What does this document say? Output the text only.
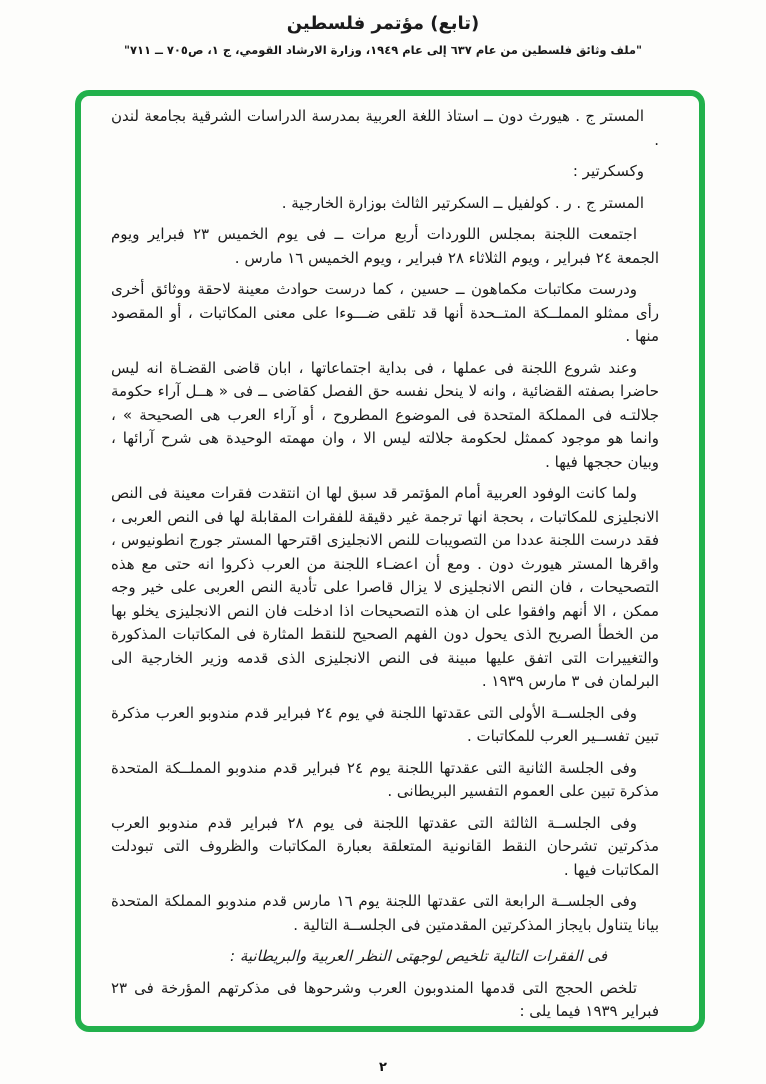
(تابع) مؤتمر فلسطين
"ملف وثائق فلسطين من عام ٦٣٧ إلى عام ١٩٤٩، وزارة الارشاد القومي، ج ١، ص٧٠٥ ــ ٧١١"

المستر ج . هيورث دون ــ استاذ اللغة العربية بمدرسة الدراسات الشرقية بجامعة لندن .

وكسكرتير :

المستر ج . ر . كولفيل ــ السكرتير الثالث بوزارة الخارجية .

اجتمعت اللجنة بمجلس اللوردات أربع مرات ــ فى يوم الخميس ٢٣ فبراير ويوم الجمعة ٢٤ فبراير ، ويوم الثلاثاء ٢٨ فبراير ، ويوم الخميس ١٦ مارس .

ودرست مكاتبات مكماهون ــ حسين ، كما درست حوادث معينة لاحقة ووثائق أخرى رأى ممثلو المملــكة المتــحدة أنها قد تلقى ضـــوءا على معنى المكاتبات ، أو المقصود منها .

وعند شروع اللجنة فى عملها ، فى بداية اجتماعاتها ، ابان قاضى القضـاة انه ليس حاضرا بصفته القضائية ، وانه لا ينحل نفسه حق الفصل كقاضى ــ فى « هــل آراء حكومة جلالتـه فى المملكة المتحدة فى الموضوع المطروح ، أو آراء العرب هى الصحيحة » ، وانما هو موجود كممثل لحكومة جلالته ليس الا ، وان مهمته الوحيدة هى شرح آرائها ، وبيان حججها فيها .

ولما كانت الوفود العربية أمام المؤتمر قد سبق لها ان انتقدت فقرات معينة فى النص الانجليزى للمكاتبات ، بحجة انها ترجمة غير دقيقة للفقرات المقابلة لها فى النص العربى ، فقد درست اللجنة عددا من التصويبات للنص الانجليزى اقترحها المستر جورج انطونيوس ، واقرها المستر هيورث دون . ومع أن اعضـاء اللجنة من العرب ذكروا انه حتى مع هذه التصحيحات ، فان النص الانجليزى لا يزال قاصرا على تأدية النص العربى على خير وجه ممكن ، الا أنهم وافقوا على ان هذه التصحيحات اذا ادخلت فان النص الانجليزى يخلو بها من الخطأ الصريح الذى يحول دون الفهم الصحيح للنقط المثارة فى المكاتبات المذكورة والتغييرات التى اتفق عليها مبينة فى النص الانجليزى الذى قدمه وزير الخارجية الى البرلمان فى ٣ مارس ١٩٣٩ .

وفى الجلســة الأولى التى عقدتها اللجنة في يوم ٢٤ فبراير قدم مندوبو العرب مذكرة تبين تفســير العرب للمكاتبات .

وفى الجلسة الثانية التى عقدتها اللجنة يوم ٢٤ فبراير قدم مندوبو المملــكة المتحدة مذكرة تبين على العموم التفسير البريطانى .

وفى الجلســة الثالثة التى عقدتها اللجنة فى يوم ٢٨ فبراير قدم مندوبو العرب مذكرتين تشرحان النقط القانونية المتعلقة بعبارة المكاتبات والظروف التى تبودلت المكاتبات فيها .

وفى الجلســة الرابعة التى عقدتها اللجنة يوم ١٦ مارس قدم مندوبو المملكة المتحدة بيانا يتناول بايجاز المذكرتين المقدمتين فى الجلســة التالية .

فى الفقرات التالية تلخيص لوجهتى النظر العربية والبريطانية :

تلخص الحجج التى قدمها المندوبون العرب وشرحوها فى مذكرتهم المؤرخة فى ٢٣ فبراير ١٩٣٩ فيما يلى :

٢
